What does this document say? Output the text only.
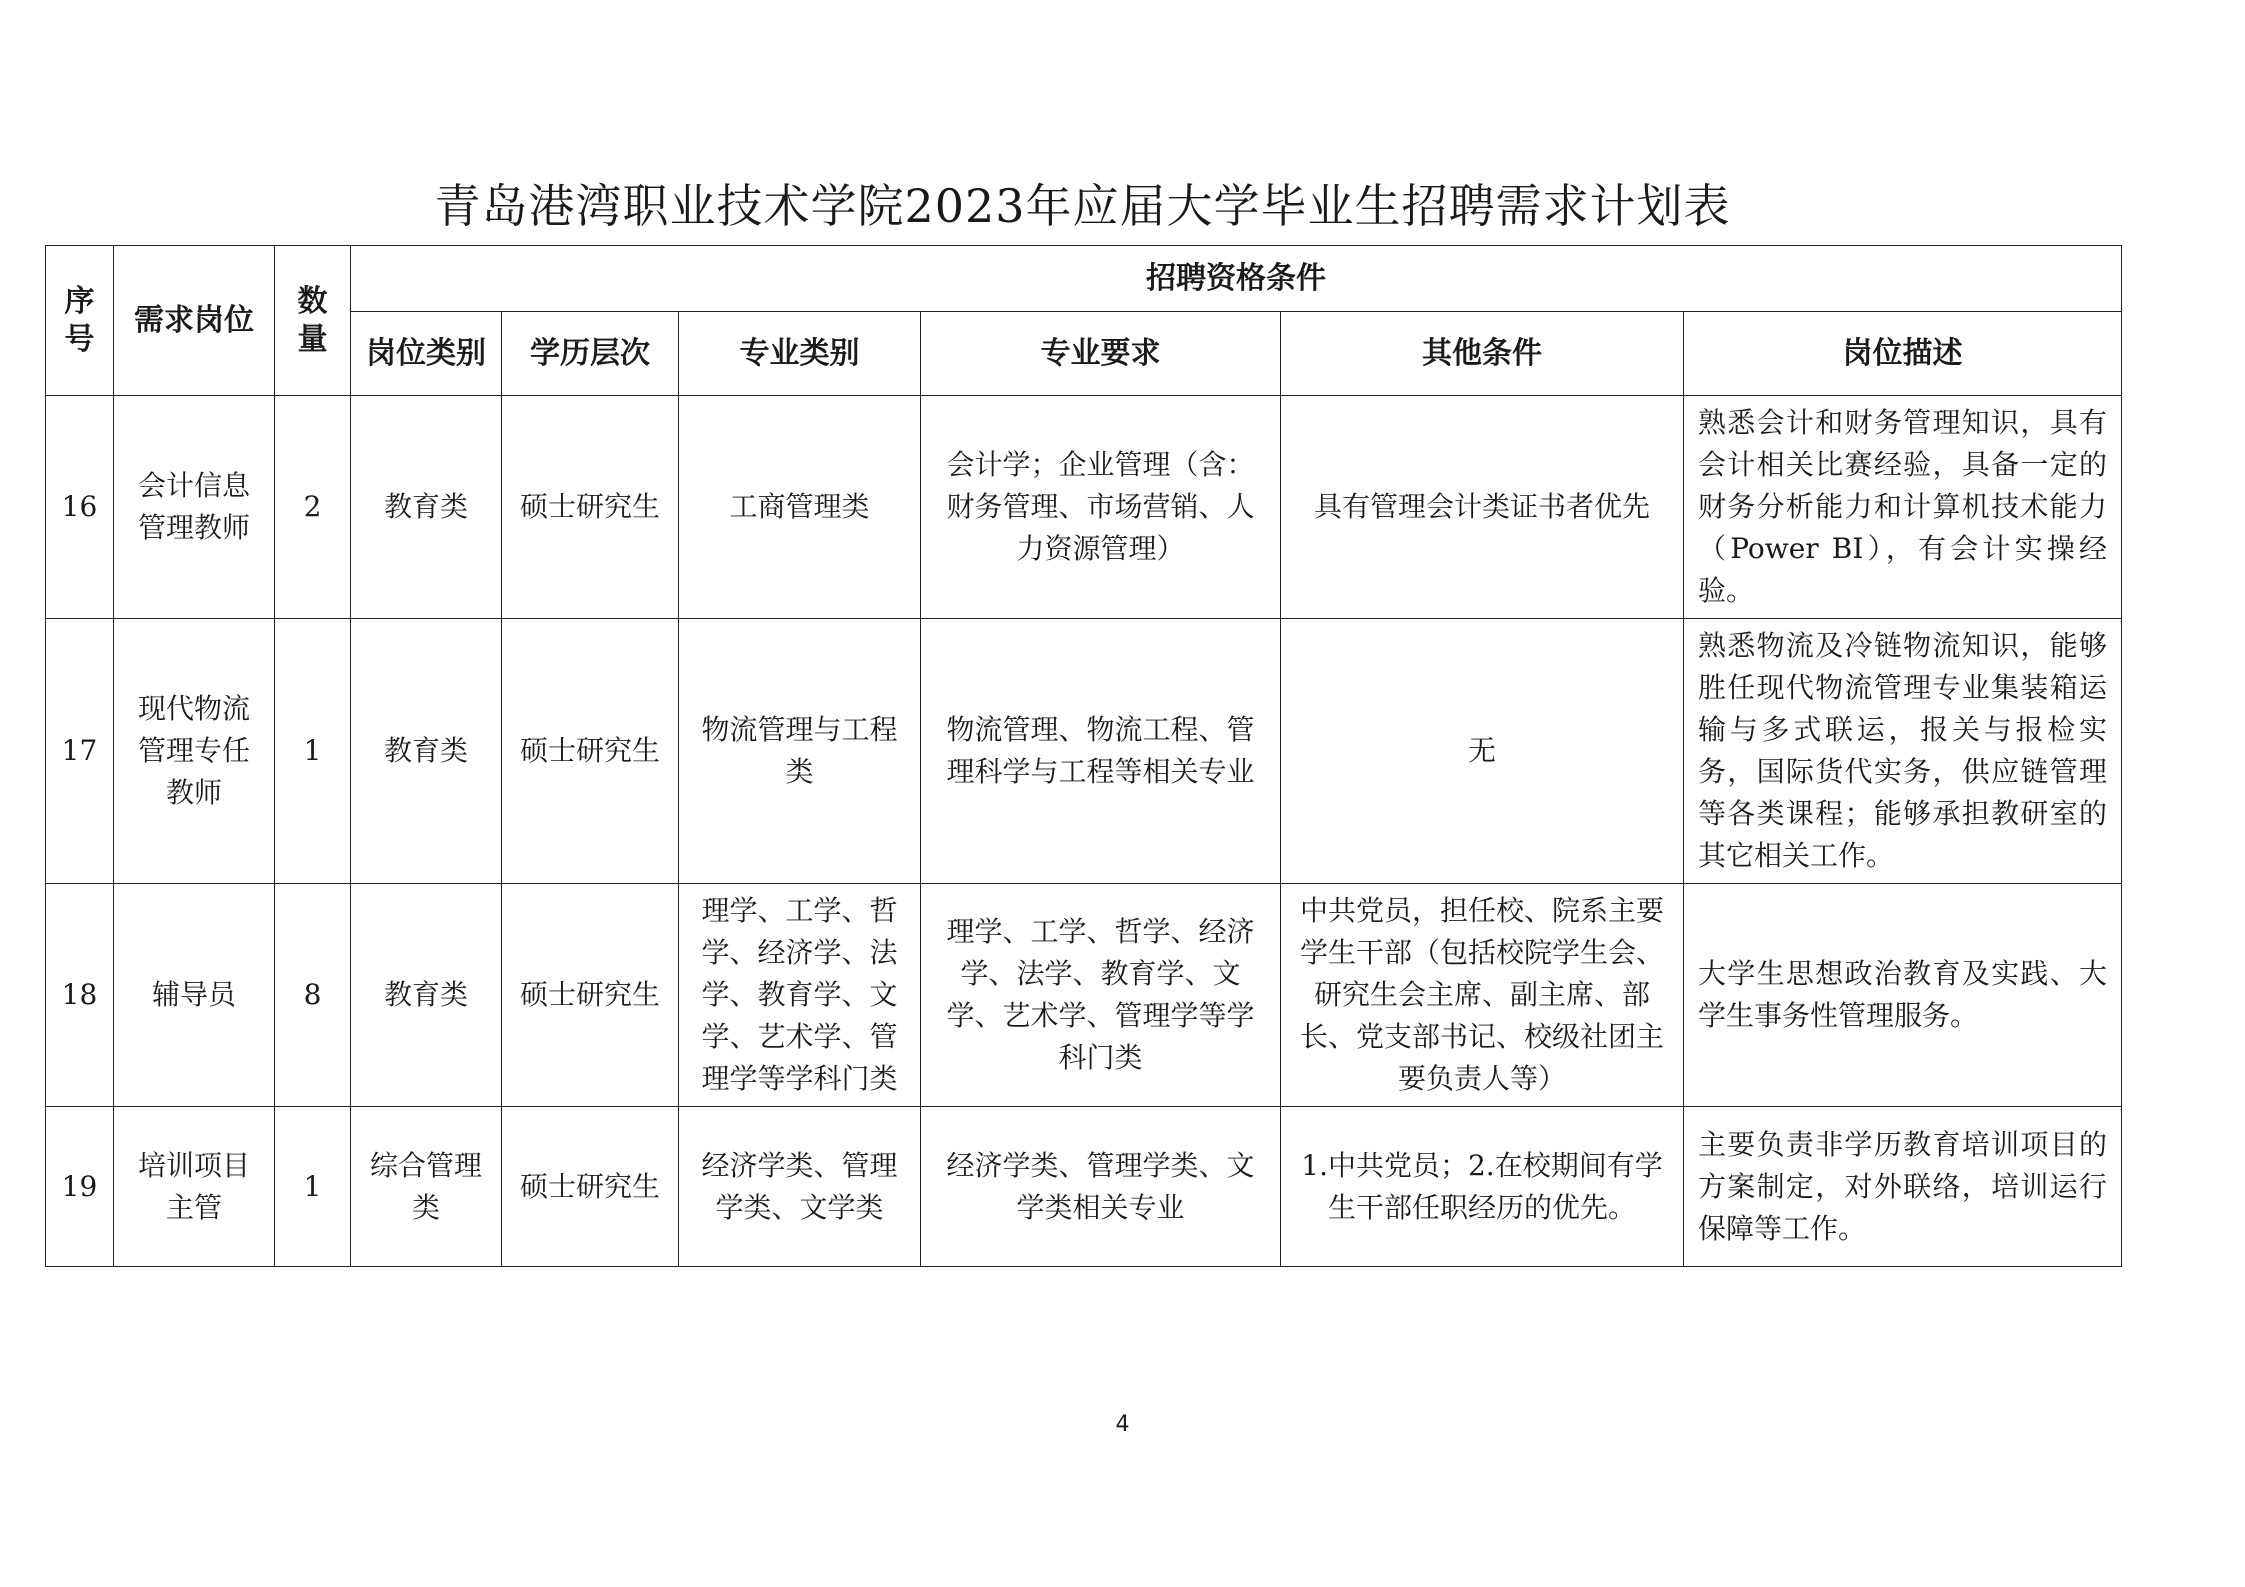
青岛港湾职业技术学院2023年应届大学毕业生招聘需求计划表
序号	需求岗位	数量	招聘资格条件					
			岗位类别	学历层次	专业类别	专业要求	其他条件	岗位描述
16	会计信息管理教师	2	教育类	硕士研究生	工商管理类	会计学；企业管理（含：财务管理、市场营销、人力资源管理）	具有管理会计类证书者优先	熟悉会计和财务管理知识，具有会计相关比赛经验，具备一定的财务分析能力和计算机技术能力（Power BI），有会计实操经验。
17	现代物流管理专任教师	1	教育类	硕士研究生	物流管理与工程类	物流管理、物流工程、管理科学与工程等相关专业	无	熟悉物流及冷链物流知识，能够胜任现代物流管理专业集装箱运输与多式联运，报关与报检实务，国际货代实务，供应链管理等各类课程；能够承担教研室的其它相关工作。
18	辅导员	8	教育类	硕士研究生	理学、工学、哲学、经济学、法学、教育学、文学、艺术学、管理学等学科门类	理学、工学、哲学、经济学、法学、教育学、文学、艺术学、管理学等学科门类	中共党员，担任校、院系主要学生干部（包括校院学生会、研究生会主席、副主席、部长、党支部书记、校级社团主要负责人等）	大学生思想政治教育及实践、大学生事务性管理服务。
19	培训项目主管	1	综合管理类	硕士研究生	经济学类、管理学类、文学类	经济学类、管理学类、文学类相关专业	1.中共党员；2.在校期间有学生干部任职经历的优先。	主要负责非学历教育培训项目的方案制定，对外联络，培训运行保障等工作。
4
